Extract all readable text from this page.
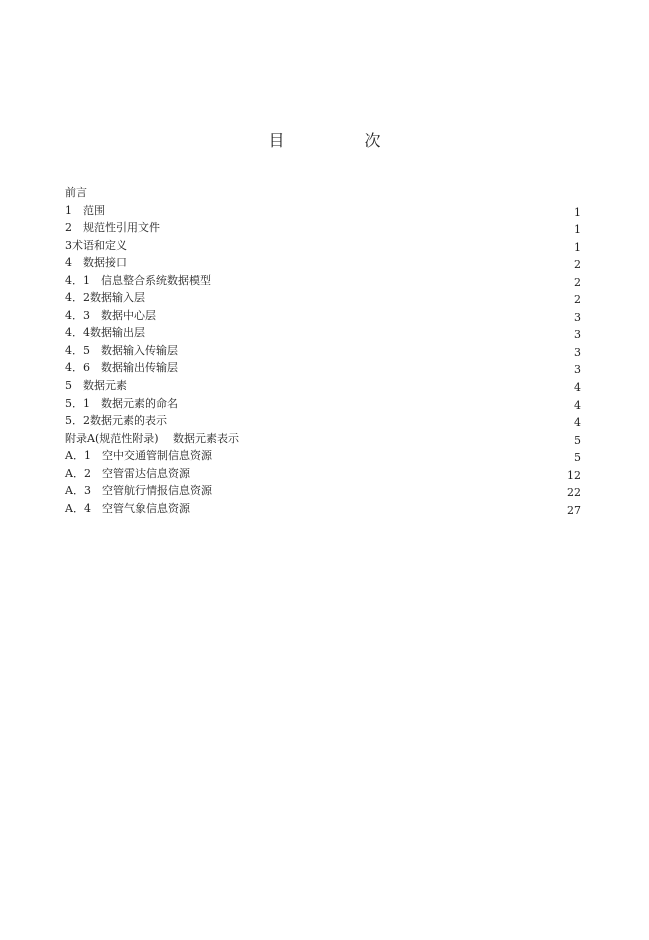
目　次
前言
1　范围	1
2　规范性引用文件	1
3术语和定义	1
4　数据接口	2
4．1　信息整合系统数据模型	2
4．2数据输入层	2
4．3　数据中心层	3
4．4数据输出层	3
4．5　数据输入传输层	3
4．6　数据输出传输层	3
5　数据元素	4
5．1　数据元素的命名	4
5．2数据元素的表示	4
附录A(规范性附录)　 数据元素表示	5
A．1　空中交通管制信息资源	5
A．2　空管雷达信息资源	12
A．3　空管航行情报信息资源	22
A．4　空管气象信息资源	27
